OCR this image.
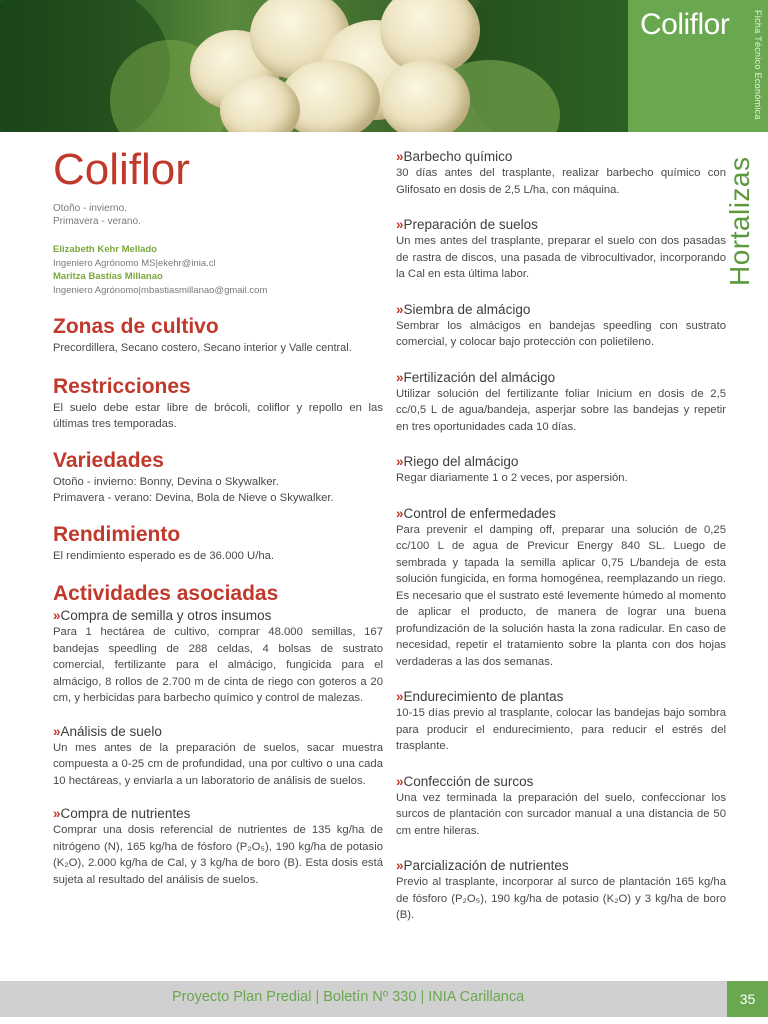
Coliflor	Ficha Técnico Económica
Hortalizas
Coliflor
Otoño - invierno.
Primavera - verano.
Elizabeth Kehr Mellado
Ingeniero Agrónomo MS|ekehr@inia.cl
Maritza Bastías Millanao
Ingeniero Agrónomo|mbastiasmillanao@gmail.com
Zonas de cultivo

Precordillera, Secano costero, Secano interior y Valle central.

Restricciones

El suelo debe estar libre de brócoli, coliflor y repollo en las últimas tres temporadas.

Variedades

Otoño - invierno: Bonny, Devina o Skywalker.

Primavera - verano: Devina, Bola de Nieve o Skywalker.

Rendimiento

El rendimiento esperado es de 36.000 U/ha.

Actividades asociadas
»Compra de semilla y otros insumos

Para 1 hectárea de cultivo, comprar 48.000 semillas, 167 bandejas speedling de 288 celdas, 4 bolsas de sustrato comercial, fertilizante para el almácigo, fungicida para el almácigo, 8 rollos de 2.700 m de cinta de riego con goteros a 20 cm, y herbicidas para barbecho químico y control de malezas.

»Análisis de suelo

Un mes antes de la preparación de suelos, sacar muestra compuesta a 0-25 cm de profundidad, una por cultivo o una cada 10 hectáreas, y enviarla a un laboratorio de análisis de suelos.

»Compra de nutrientes

Comprar una dosis referencial de nutrientes de 135 kg/ha de nitrógeno (N), 165 kg/ha de fósforo (P₂O₅), 190 kg/ha de potasio (K₂O), 2.000 kg/ha de Cal, y 3 kg/ha de boro (B). Esta dosis está sujeta al resultado del análisis de suelos.

»Barbecho químico

30 días antes del trasplante, realizar barbecho químico con Glifosato en dosis de 2,5 L/ha, con máquina.

»Preparación de suelos

Un mes antes del trasplante, preparar el suelo con dos pasadas de rastra de discos, una pasada de vibrocultivador, incorporando la Cal en esta última labor.

»Siembra de almácigo

Sembrar los almácigos en bandejas speedling con sustrato comercial, y colocar bajo protección con polietileno.

»Fertilización del almácigo

Utilizar solución del fertilizante foliar Inicium en dosis de 2,5 cc/0,5 L de agua/bandeja, asperjar sobre las bandejas y repetir en tres oportunidades cada 10 días.

»Riego del almácigo

Regar diariamente 1 o 2 veces, por aspersión.

»Control de enfermedades

Para prevenir el damping off, preparar una solución de 0,25 cc/100 L de agua de Previcur Energy 840 SL. Luego de sembrada y tapada la semilla aplicar 0,75 L/bandeja de esta solución fungicida, en forma homogénea, reemplazando un riego. Es necesario que el sustrato esté levemente húmedo al momento de aplicar el producto, de manera de lograr una buena profundización de la solución hasta la zona radicular. En caso de necesidad, repetir el tratamiento sobre la planta con dos hojas verdaderas a las dos semanas.

»Endurecimiento de plantas

10-15 días previo al trasplante, colocar las bandejas bajo sombra para producir el endurecimiento, para reducir el estrés del trasplante.

»Confección de surcos

Una vez terminada la preparación del suelo, confeccionar los surcos de plantación con surcador manual a una distancia de 50 cm entre hileras.

»Parcialización de nutrientes

Previo al trasplante, incorporar al surco de plantación 165 kg/ha de fósforo (P₂O₅), 190 kg/ha de potasio (K₂O) y 3 kg/ha de boro (B).

Proyecto Plan Predial | Boletín Nº 330 | INIA Carillanca	35
